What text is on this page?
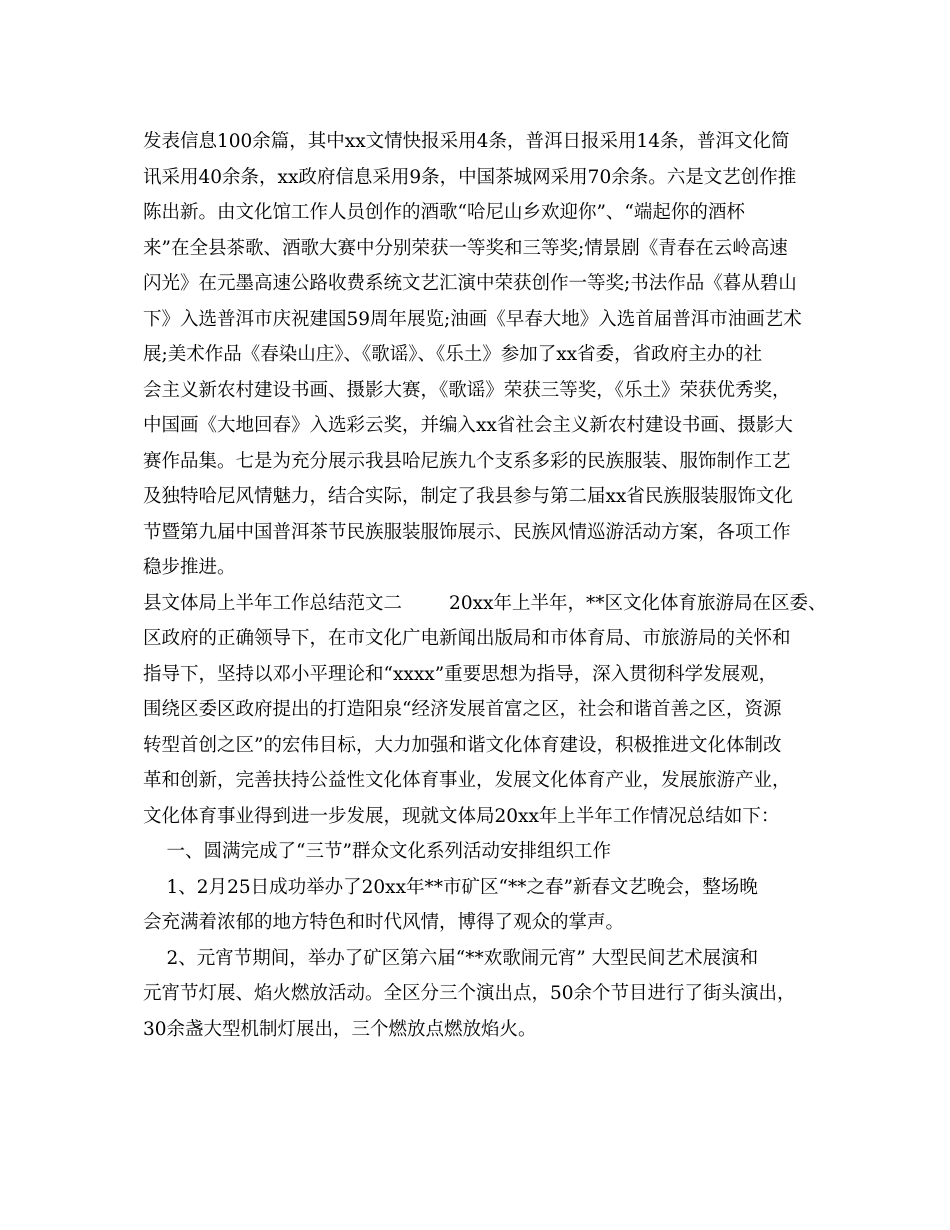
发表信息100余篇，其中xx文情快报采用4条，普洱日报采用14条，普洱文化简
讯采用40余条，xx政府信息采用9条，中国茶城网采用70余条。六是文艺创作推
陈出新。由文化馆工作人员创作的酒歌“哈尼山乡欢迎你”、“端起你的酒杯
来”在全县茶歌、酒歌大赛中分别荣获一等奖和三等奖;情景剧《青春在云岭高速
闪光》在元墨高速公路收费系统文艺汇演中荣获创作一等奖;书法作品《暮从碧山
下》入选普洱市庆祝建国59周年展览;油画《早春大地》入选首届普洱市油画艺术
展;美术作品《春染山庄》、《歌谣》、《乐土》参加了xx省委，省政府主办的社
会主义新农村建设书画、摄影大赛，《歌谣》荣获三等奖，《乐土》荣获优秀奖，
中国画《大地回春》入选彩云奖，并编入xx省社会主义新农村建设书画、摄影大
赛作品集。七是为充分展示我县哈尼族九个支系多彩的民族服装、服饰制作工艺
及独特哈尼风情魅力，结合实际，制定了我县参与第二届xx省民族服装服饰文化
节暨第九届中国普洱茶节民族服装服饰展示、民族风情巡游活动方案，各项工作
稳步推进。
县文体局上半年工作总结范文二        20xx年上半年，**区文化体育旅游局在区委、
区政府的正确领导下，在市文化广电新闻出版局和市体育局、市旅游局的关怀和
指导下，坚持以邓小平理论和“xxxx”重要思想为指导，深入贯彻科学发展观，
围绕区委区政府提出的打造阳泉“经济发展首富之区，社会和谐首善之区，资源
转型首创之区”的宏伟目标，大力加强和谐文化体育建设，积极推进文化体制改
革和创新，完善扶持公益性文化体育事业，发展文化体育产业，发展旅游产业，
文化体育事业得到进一步发展，现就文体局20xx年上半年工作情况总结如下：
一、圆满完成了“三节”群众文化系列活动安排组织工作
1、2月25日成功举办了20xx年**市矿区“**之春”新春文艺晚会，整场晚
会充满着浓郁的地方特色和时代风情，博得了观众的掌声。
2、元宵节期间，举办了矿区第六届“**欢歌闹元宵” 大型民间艺术展演和
元宵节灯展、焰火燃放活动。全区分三个演出点，50余个节目进行了街头演出，
30余盏大型机制灯展出，三个燃放点燃放焰火。
